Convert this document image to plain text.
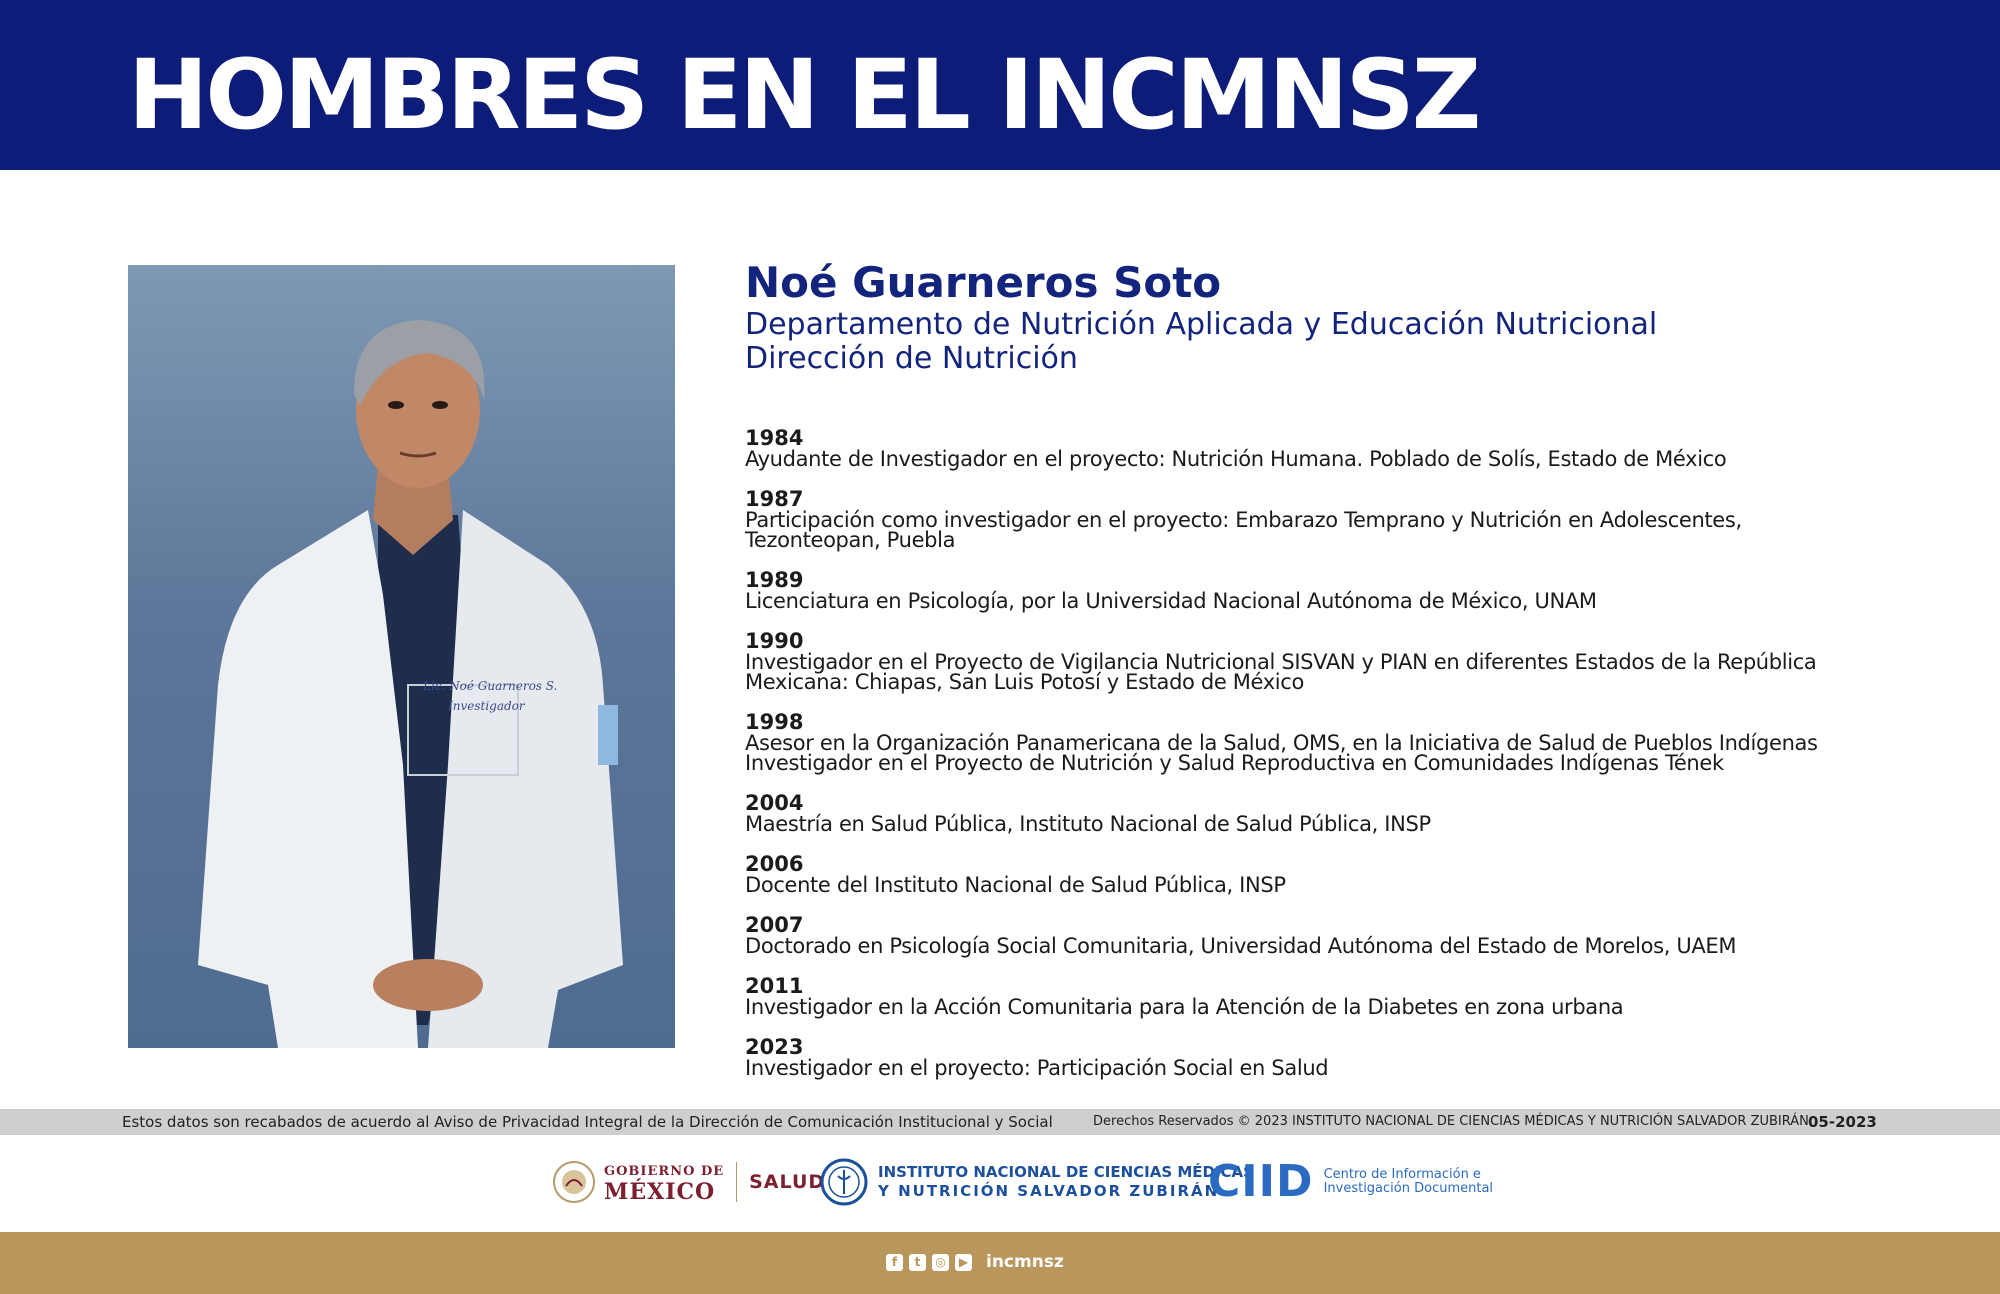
HOMBRES EN EL INCMNSZ
Lic. Noé Guarneros S.
Investigador

Noé Guarneros Soto

Departamento de Nutrición Aplicada y Educación Nutricional

Dirección de Nutrición

1984
Ayudante de Investigador en el proyecto: Nutrición Humana. Poblado de Solís, Estado de México
1987
Participación como investigador en el proyecto: Embarazo Temprano y Nutrición en Adolescentes,
Tezonteopan, Puebla
1989
Licenciatura en Psicología, por la Universidad Nacional Autónoma de México, UNAM
1990
Investigador en el Proyecto de Vigilancia Nutricional SISVAN y PIAN en diferentes Estados de la República
Mexicana: Chiapas, San Luis Potosí y Estado de México
1998
Asesor en la Organización Panamericana de la Salud, OMS, en la Iniciativa de Salud de Pueblos Indígenas
Investigador en el Proyecto de Nutrición y Salud Reproductiva en Comunidades Indígenas Tének
2004
Maestría en Salud Pública, Instituto Nacional de Salud Pública, INSP
2006
Docente del Instituto Nacional de Salud Pública, INSP
2007
Doctorado en Psicología Social Comunitaria, Universidad Autónoma del Estado de Morelos, UAEM
2011
Investigador en la Acción Comunitaria para la Atención de la Diabetes en zona urbana
2023
Investigador en el proyecto: Participación Social en Salud
Estos datos son recabados de acuerdo al Aviso de Privacidad Integral de la Dirección de Comunicación Institucional y Social	Derechos Reservados © 2023 INSTITUTO NACIONAL DE CIENCIAS MÉDICAS Y NUTRICIÓN SALVADOR ZUBIRÁN 05-2023
GOBIERNO DE
MÉXICO	SALUD	INSTITUTO NACIONAL DE CIENCIAS MÉDICAS
Y NUTRICIÓN SALVADOR ZUBIRÁN
CIID Centro de Información e
Investigación Documental
f	t	◎	▶ incmnsz
